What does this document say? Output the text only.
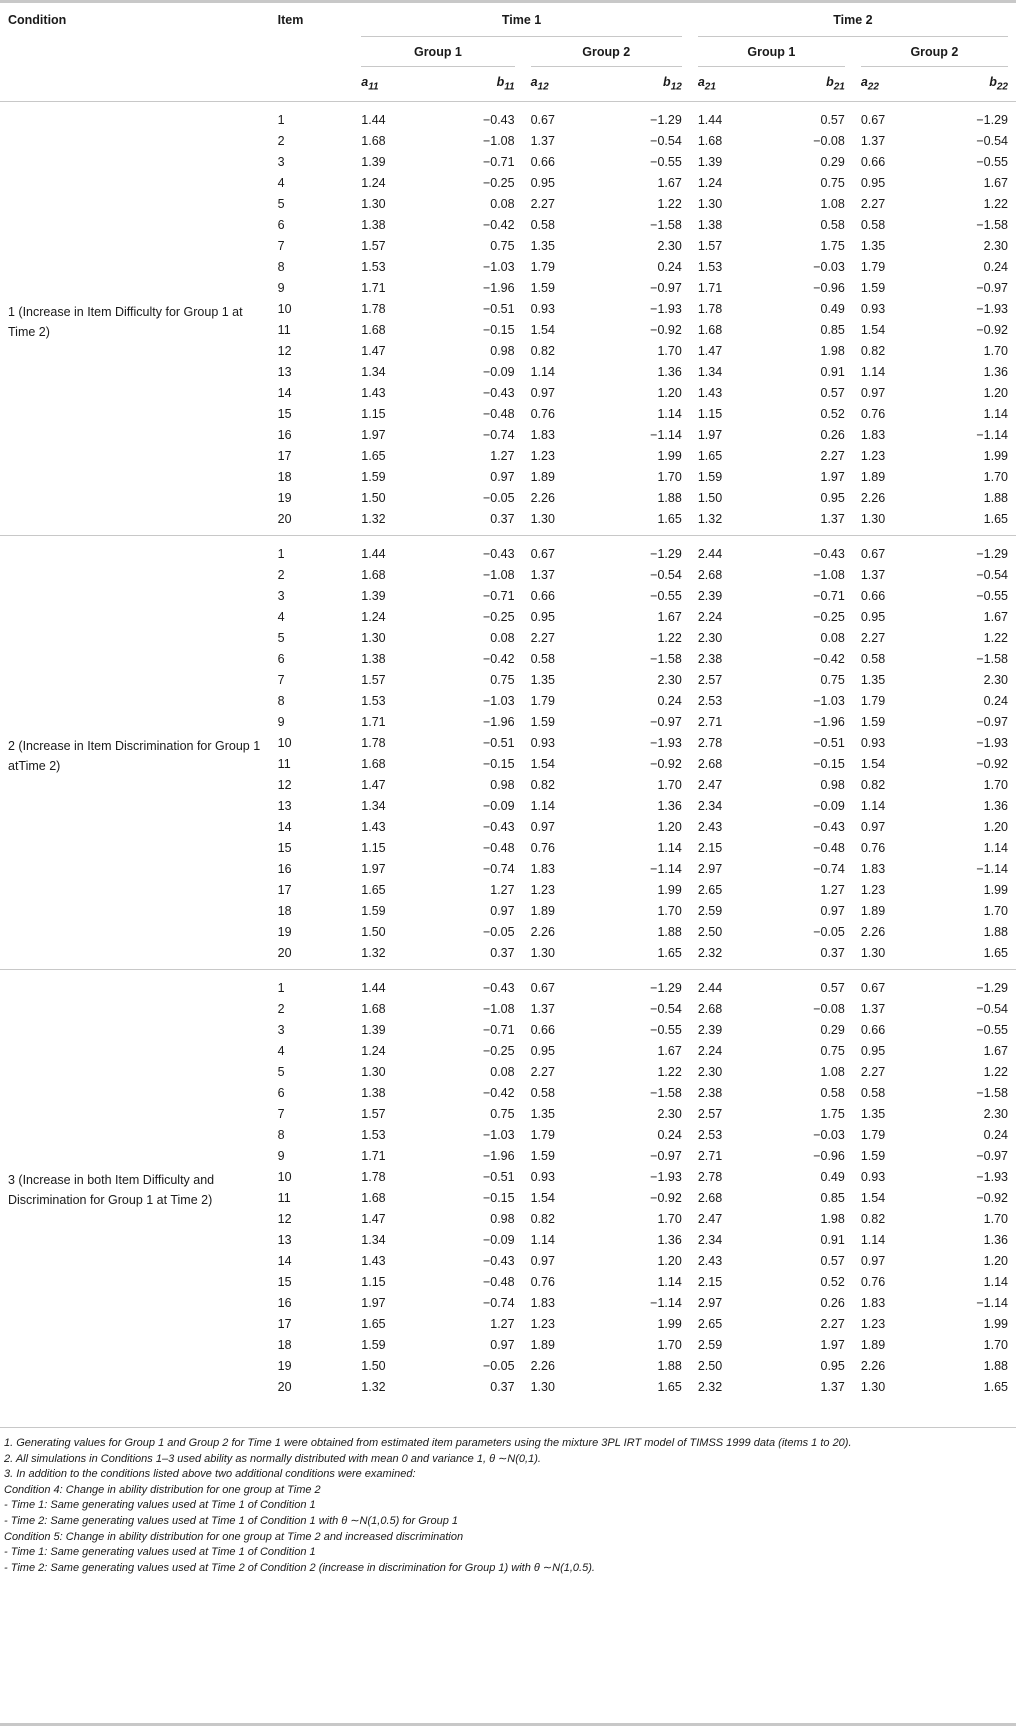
Condition	Item	Time 1				Time 2			
		Group 1		Group 2		Group 1		Group 2	
		$a_{11}$	$b_{11}$	$a_{12}$	$b_{12}$	$a_{21}$	$b_{21}$	$a_{22}$	$b_{22}$
1 (Increase in Item Difficulty for Group 1 at Time 2)	1	1.44	−0.43	0.67	−1.29	1.44	0.57	0.67	−1.29
	2	1.68	−1.08	1.37	−0.54	1.68	−0.08	1.37	−0.54
	3	1.39	−0.71	0.66	−0.55	1.39	0.29	0.66	−0.55
	4	1.24	−0.25	0.95	1.67	1.24	0.75	0.95	1.67
	5	1.30	0.08	2.27	1.22	1.30	1.08	2.27	1.22
	6	1.38	−0.42	0.58	−1.58	1.38	0.58	0.58	−1.58
	7	1.57	0.75	1.35	2.30	1.57	1.75	1.35	2.30
	8	1.53	−1.03	1.79	0.24	1.53	−0.03	1.79	0.24
	9	1.71	−1.96	1.59	−0.97	1.71	−0.96	1.59	−0.97
	10	1.78	−0.51	0.93	−1.93	1.78	0.49	0.93	−1.93
	11	1.68	−0.15	1.54	−0.92	1.68	0.85	1.54	−0.92
	12	1.47	0.98	0.82	1.70	1.47	1.98	0.82	1.70
	13	1.34	−0.09	1.14	1.36	1.34	0.91	1.14	1.36
	14	1.43	−0.43	0.97	1.20	1.43	0.57	0.97	1.20
	15	1.15	−0.48	0.76	1.14	1.15	0.52	0.76	1.14
	16	1.97	−0.74	1.83	−1.14	1.97	0.26	1.83	−1.14
	17	1.65	1.27	1.23	1.99	1.65	2.27	1.23	1.99
	18	1.59	0.97	1.89	1.70	1.59	1.97	1.89	1.70
	19	1.50	−0.05	2.26	1.88	1.50	0.95	2.26	1.88
	20	1.32	0.37	1.30	1.65	1.32	1.37	1.30	1.65
2 (Increase in Item Discrimination for Group 1 atTime 2)	1	1.44	−0.43	0.67	−1.29	2.44	−0.43	0.67	−1.29
	2	1.68	−1.08	1.37	−0.54	2.68	−1.08	1.37	−0.54
	3	1.39	−0.71	0.66	−0.55	2.39	−0.71	0.66	−0.55
	4	1.24	−0.25	0.95	1.67	2.24	−0.25	0.95	1.67
	5	1.30	0.08	2.27	1.22	2.30	0.08	2.27	1.22
	6	1.38	−0.42	0.58	−1.58	2.38	−0.42	0.58	−1.58
	7	1.57	0.75	1.35	2.30	2.57	0.75	1.35	2.30
	8	1.53	−1.03	1.79	0.24	2.53	−1.03	1.79	0.24
	9	1.71	−1.96	1.59	−0.97	2.71	−1.96	1.59	−0.97
	10	1.78	−0.51	0.93	−1.93	2.78	−0.51	0.93	−1.93
	11	1.68	−0.15	1.54	−0.92	2.68	−0.15	1.54	−0.92
	12	1.47	0.98	0.82	1.70	2.47	0.98	0.82	1.70
	13	1.34	−0.09	1.14	1.36	2.34	−0.09	1.14	1.36
	14	1.43	−0.43	0.97	1.20	2.43	−0.43	0.97	1.20
	15	1.15	−0.48	0.76	1.14	2.15	−0.48	0.76	1.14
	16	1.97	−0.74	1.83	−1.14	2.97	−0.74	1.83	−1.14
	17	1.65	1.27	1.23	1.99	2.65	1.27	1.23	1.99
	18	1.59	0.97	1.89	1.70	2.59	0.97	1.89	1.70
	19	1.50	−0.05	2.26	1.88	2.50	−0.05	2.26	1.88
	20	1.32	0.37	1.30	1.65	2.32	0.37	1.30	1.65
3 (Increase in both Item Difficulty and Discrimination for Group 1 at Time 2)	1	1.44	−0.43	0.67	−1.29	2.44	0.57	0.67	−1.29
	2	1.68	−1.08	1.37	−0.54	2.68	−0.08	1.37	−0.54
	3	1.39	−0.71	0.66	−0.55	2.39	0.29	0.66	−0.55
	4	1.24	−0.25	0.95	1.67	2.24	0.75	0.95	1.67
	5	1.30	0.08	2.27	1.22	2.30	1.08	2.27	1.22
	6	1.38	−0.42	0.58	−1.58	2.38	0.58	0.58	−1.58
	7	1.57	0.75	1.35	2.30	2.57	1.75	1.35	2.30
	8	1.53	−1.03	1.79	0.24	2.53	−0.03	1.79	0.24
	9	1.71	−1.96	1.59	−0.97	2.71	−0.96	1.59	−0.97
	10	1.78	−0.51	0.93	−1.93	2.78	0.49	0.93	−1.93
	11	1.68	−0.15	1.54	−0.92	2.68	0.85	1.54	−0.92
	12	1.47	0.98	0.82	1.70	2.47	1.98	0.82	1.70
	13	1.34	−0.09	1.14	1.36	2.34	0.91	1.14	1.36
	14	1.43	−0.43	0.97	1.20	2.43	0.57	0.97	1.20
	15	1.15	−0.48	0.76	1.14	2.15	0.52	0.76	1.14
	16	1.97	−0.74	1.83	−1.14	2.97	0.26	1.83	−1.14
	17	1.65	1.27	1.23	1.99	2.65	2.27	1.23	1.99
	18	1.59	0.97	1.89	1.70	2.59	1.97	1.89	1.70
	19	1.50	−0.05	2.26	1.88	2.50	0.95	2.26	1.88
	20	1.32	0.37	1.30	1.65	2.32	1.37	1.30	1.65
1. Generating values for Group 1 and Group 2 for Time 1 were obtained from estimated item parameters using the mixture 3PL IRT model of TIMSS 1999 data (items 1 to 20).
2. All simulations in Conditions 1–3 used ability as normally distributed with mean 0 and variance 1, θ ∼N(0,1).
3. In addition to the conditions listed above two additional conditions were examined:
Condition 4: Change in ability distribution for one group at Time 2
- Time 1: Same generating values used at Time 1 of Condition 1
- Time 2: Same generating values used at Time 1 of Condition 1 with θ ∼N(1,0.5) for Group 1
Condition 5: Change in ability distribution for one group at Time 2 and increased discrimination
- Time 1: Same generating values used at Time 1 of Condition 1
- Time 2: Same generating values used at Time 2 of Condition 2 (increase in discrimination for Group 1) with θ ∼N(1,0.5).
